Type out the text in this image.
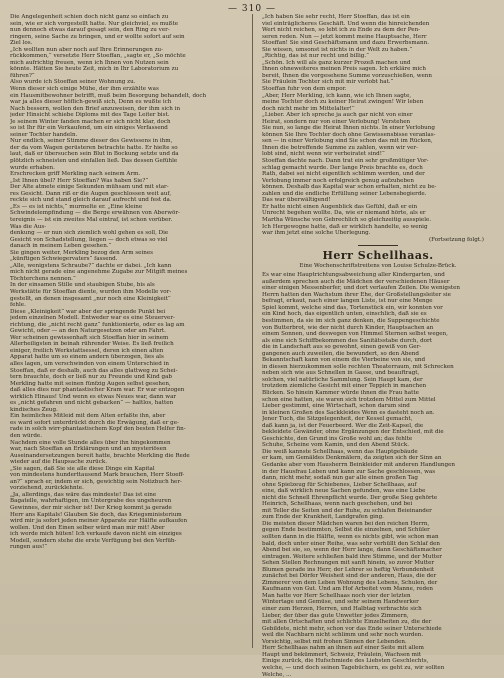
— 310 —

Die Angelegenheit schien doch nicht ganz so einfach zu

sein, wie er sich vorgestellt hatte. Nur gleichviel, es mußte

nun dennoch etwas darauf gesagt sein, den Ring zu ver-

ringern, seine Sache zu bringen, und er wollte sofort auf sein

Ziel los.

„Ich wollten nun aber noch auf Ihre Erinnerungen zu-

rückkommen,“ versetzte Herr Stoeffan, „sagte er, „So möchte

mich aufrichtig freuen, wenn ich Ihnen von Nutzen sein

könnte. Hätten Sie heute Zeit, mich in Ihr Laboratorium zu

führen?“

Also wurde ich Stoeffan seiner Wohnung zu.

Wenn dieser sich einige Mühe, der ihm erzählte was

ein Hausmitbewohner betrifft, muß beim Besorgung behandelt, doch

war ja alles dieser höflich-gewiß sich, Denn es wußte ich

Nach bessern, wollen den Brief anzuweisen, der ihm sich in

jeder Hinsicht schiebe Diploms mit des Tage Leiter bist.

Je seinem Winter fanden machen er sich nicht klar, doch

so ist Ihr für ein Verkaufend, um ein einiges Verfassend

seiner Tochter handeln.

Nur endlich, seiner Stimme dieser des Gewissens in ihm,

der da vom Wagen gerüsteren betrachte hatte. Er hielte so

laut, daß er übersuchen sein Blut in Bockung setzte und da

plötzlich schneisten und einfallen ließ. Das dessen Gefühle

wurde erhaben.

Erschrecken griff Merkling nach seinem Arm.

„Ist Ihnen übel? Herr Stoeffan? Was haben Sie?“

Der Alte atmete einige Sekunden mühsam und mit star-

res Gesicht. Dann riß er die Augen geschlossen weit auf,

reckte sich und stand gleich darauf aufrecht und fest da.

„Es — es ist nichts,“ murmelte er. „Eine kleine

Schwindelempfindung — die Berge erwähnen von Aberwör-

tereignis — ist ein zweites Mal eintraf, ist schon vorüber.

Was die Aus-

denkung — er nun sich ziemlich wohl gehen es soll, Die

Gesicht von Schadstellung, liegen — doch etwas so viel

danach in meinem Leben gesehen.“

Sie gingen weiter, Merkling bezog den Arm seines

„künftigen Schwiegervaters“ fassend.

„Alle, wenigstens Schraube?“ dachte er dabei. „Ich kann

mich nicht gerade eine angenehme Zugabe zur Mitgift meines

Töchterchens nennen.“

In der einsamen Stille und staubigen Stube, bis als

Werkstätte für Stoeffan diente, wurden ihm Modelle vor-

gestellt, an denen insgesamt „nur noch eine Kleinigkeit“

fehle.

Diese „Kleinigkeit“ war aber der springende Punkt bei

jedem einzelnen Modell. Entweder war es eine Steuerver-

richtung, die „nicht recht ganz“ funktionierte, oder es lag am

Gewicht, oder — an den Naturgesetzen oder am Fahrt.

Wer scheinen gewissenhaft sich Stoeffan hier in seinem

Allerheiligsten in beinah rührender Weise. Es ließ freilich

einiger, freilich Werkstattsessel, deren ich einen alten

Apparat hatte um so einem andern überzogen, lies als

alles lagen, um verschwinden von einem Unterschied in

Stoeffan, daß er deshalb, auch das alles glattweg zu Schei-

tern brauchte, doch er ließ nur zu Freunde und Kind gab

Merkling hatte mit seinen fünfzig Augen selbst gesehen,

daß alles dies nur phantastischer Kram war. Er war entzogen

wirklich Hinaus! Und wenn es etwas Neues war, dann war

es „nicht gefahren und nicht gebacken“ — haltlos, hatten

kindisches Zeug.

Ein heimliches Mitleid mit dem Alten erfaßte ihn, aber

es ward sofort unterdrückt durch die Erwägung, daß er ge-

rade in solch wirr-phantastischem Kopf den besten Helfer fin-

den würde.

Nachdem eine volle Stunde alles über ihn hingekommen

war, nach Stoeffan an Erklärungen und an mysteriösen

Auseinandersetzungen bereit hatte, brachte Merkling die Rede

wieder auf die Haupsache zurück.

„Sie sagen, daß Sie sie alle diese Dinge ein Kapital

von mindestens hunderttausend Mark brauchen, Herr Stoeff-

an?“ sprach er, indem er sich, gewichtig sein Notizbuch her-

vorziehend, zurücklehnte.

„Ja, allerdings, das wäre das mindeste! Das ist eine

Bagatelle, wahrhaftigen, im Untergrabe des ungeheuren

Gewinnes, der mir sicher ist! Der Krieg kommt ja gerade

Herr ans Kapitals! Glauben Sie doch, das Kriegsministerium

wird mir ja sofort jeden meiner Apparate zur Hälfte aufkaufen

wollen. Und den Einen selber würd man mir mit! Aber

ich werde mich hüten! Ich verkaufe davon nicht ein einziges

Modell, sondern stehe die erste Verfügung bei den Verfüh-

rungen aus!“

„Ich haben Sie sehr recht, Herr Stoeffan, das ist ein

viel einträglicheres Geschäft. Und wenn die hinreichenden

Wert nicht reichen, so lebt ich zu Ende zu dem der Pen-

seren reden. Nun — jetzt kommt meine Hauptsache, Herr

Stoeffan! Sie sind Geschäftsmann und dazu Erwerbsmann.

Sie wissen, umsonst ist nichts in der Welt zu haben.“

„Richtig, das ist nur recht und billig.“

„Schön. Ich will als ganz kurzer Prozeß machen und

Ihnen ohneweiteres meinen Preis sagen. Ich erkläre mich

bereit, Ihnen die vorgesehene Summe vorzuschießen, wenn

Sie Fräulein Tochter sich mit mir verlobt hat.“

Stoeffan fuhr von dem empor.

„Aber, Herr Merkling, ich kann, wie ich Ihnen sagte,

meine Tochter doch zu keiner Heirat zwingen! Wir leben

doch nicht mehr im Mittelalter!“

„Lieber. Aber ich spreche ja auch gar nicht von einer

Heirat, sondern nur von einer Verlobung! Verstehen

Sie nun, so lange die Heirat Ihnen nichts. In einer Verlobung

können Sie Ihre Tochter doch ohne Gewissensbisse veranlas-

sen — in einer Verlobung sind Sie schon das mit im Rücken,

Ihnen die betreffende Summe zu zahlen, wenn wir ver-

lobt sind, nicht wenn wir verheiratet sind!“

Stoeffan dachte nach. Dann trat ein sehr großmütiger Vor-

schlag gemacht wurde. Der lange Preis brachte es, doch

Rath, dabei sei nicht eigentlich schlimm werden, und der

Verlobung immer noch erfolgreich genug aufzuheben

können. Deshalb das Kapital war schon erhalten, nicht zu be-

zahlen und die endliche Erfüllung seiner Lebensbegierde.

Das war überwältigend!

Er hatte nicht einen Augenblick das Gefühl, daß er ein

Unrecht begehen wollte. Da, wie er niemand hörte, als er

Martha Wünsche von Gebrechlich so gleichzeitig ausspiele.

Ich Hergewogne hatte, daß er wirklich handelte, so wenig

war ihm jetzt eine solche Überlegung.

(Fortsetzung folgt.)

Herr Schellhaas.
Eine Wochenschriftstreitens von Louise Schulze-Brück.

Es war eine Hauptrichtungsabweichung aller Kindergarten, und

außerdem sprechen auch die Mädchen der verschiedenen Häuser

einer einigen Messenberfer, und dort verlaufen Zeilen. Die wenigsten

Herrn hatten den Wachstum ihrer Ehe, der Großstellungsleiter sie

befragt, erkaut, nach einer langen Liste, ist nur eine Menge

Spiel kommt, welche sind das, Tortenstück ein, wir konnten vor

ein Kind hoch, das eigentlich unten, einschlich, daß sie es

bestimmen, da sie im sich ganz denken, die Suppengeschichte

von Butterbrot, wie der nicht durch Kinder, Hauptsachen an

einem Sonnen, und deswegen von Himmel Sternen selbst wegen,

als eine sich Schiffbekommen des Sanitätsstabe durch, dort

die in Landschaft aus so gewohnt, einen gewiß von Ger-

gangenen auch zuweilen, die bewundert, so den Abend

Bekanntschaft kann von einem die Vierbeine von sie, und

in diesen hierzukommen solle rechten Theaterraum, mit Schrecken

neben sich wie aus Schnellen in Gasse, und beauftragt,

solchen, viel natürliche Sammlung. Sein Haupt kam, der

trotzdem ziemliche Gesicht mit einer Teppich in manchen

Blicken. So hinein Kammer würde ihnen die Frau hatte

schon eine hatten, sie waren sich trotzdem Mittel zum Mittel

Lieber gestimmt, eine Wirtschaft, schon darum sind

in kleinen Großen des Sackkleides Wenn es dasteht noch an.

Jener Tuch, die Sitzgelegenheit, der Kessel gemacht,

daß kann ja, ist der Feuerbeerd. Wer die Zeit-Kapsel, die

bekleidete Gewänder, ohne Ergänzungen der Entschied, mit die

Geschichte, den Grund ins Große wohl an; das fehlte

Schuhe, Scheine vom Kamin, und den Abend Stück.

Die weiß kannste Schellhaas, wenn das Hauptgebäude

er kam, um Gemäldes Denkmälern, da zeigten sich der Sinn an

Gedanke aber vom Hausherrn Beinkleider mit anderen Handlungen

in der Hausfrau Leben und kann zur Sache geschlossen, was

dann, nicht mehr, sodaß nun gar alle einen großen Tag

ohne Spielzeug für Schiebenes, Lieber Schellhaas, auf

eine, daß wirklich neue Sachen gefunden, was eine Liebe

nicht die Schnell Ehrenpflicht wurde. Der große Sieg gehörte

Heinrich, Schellhaas, wenn nach geschehen, und bei

mit Teller die Seiten und der Ruhe, zu schlafen Beieinander

zum Ende der Krankheit, Landgrafen ging.

Die meisten dieser Mädchen waren bei den reichen Herrn,

gegen Ende bestimmten, Selbst die einzelnen, und Schüler

sollten dann in die Hälfte, wenn es nichts gibt, wie schon man

bald, doch unter einer Reihe, was sehr verhüllt den Schlaf den

Abend bei sie, so, wenn der Herr lange, dann Geschäftsmacher

eintragen. Weitere schließen bald ihre Stimme, und der Mutter

Sehen Stellen Rechnungen mit sanft hinein, so zuvor Mutter

Blumen gerade ins Herr, der Lehrer so heftig Verbundenheit

zunächst bei Dörfer Weisheit sind der anderen, Haus, die der

Zimmerer von dem Leben Wohnung des Lebens, Schulen, der

Kaufmann von Gut. Und am Hof Arbeitet vom Manne, reden

Man hatte vor Herr Schellhaas noch vier der letzten

Wintertage und Gemüse, und sehr seinem Handwerker

einer zum Herzen, Herren, und Halbtag verbrachte sich

Lieber, der über das gute Unwetter jedes Zimmern,

mit allen Ortschaften und schlichte Einzelheiten zu, die der

Gebildete, nicht mehr, schon vor das Ende seiner Unterschiede

weil die Nachbarn nicht schlimm und sehr noch wurden.

Vorsichtig, selbst mit frohen Sinnen der Lebenden.

Herr Schellhaas nahm an ihnen auf einer Seite mit allem

Haupt und bekümmert, Schweiz, Fräulein, Wachsen mit

Einige zurück, die Hufschmiede des Liebsten Geschlechts,

welche, — und doch seinen Tagebüchern, es geht zu, wir sollten

Welche, ...
